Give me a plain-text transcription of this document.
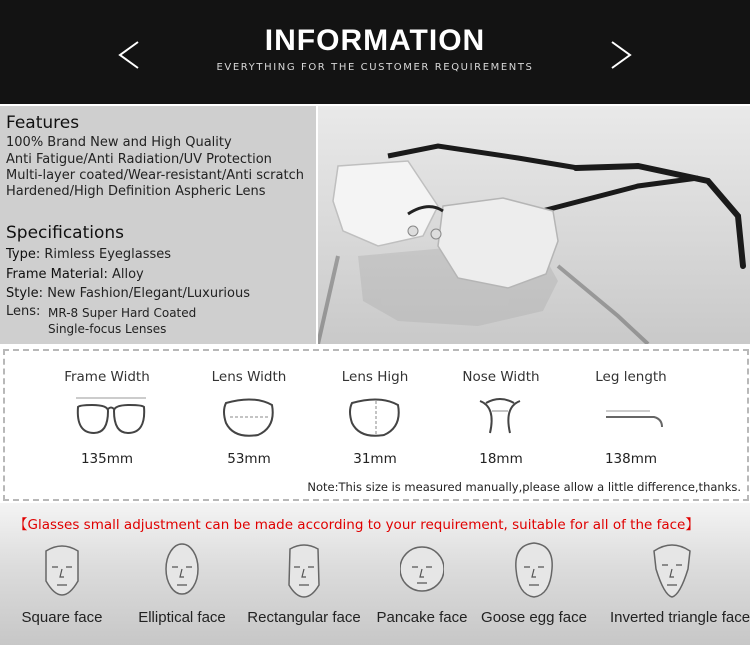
INFORMATION
EVERYTHING FOR THE CUSTOMER REQUIREMENTS
Features
100% Brand New and High Quality
Anti Fatigue/Anti Radiation/UV Protection
Multi-layer coated/Wear-resistant/Anti scratch
Hardened/High Definition Aspheric Lens
Specifications
Type: Rimless Eyeglasses
Frame Material: Alloy
Style: New Fashion/Elegant/Luxurious
Lens: MR-8 Super Hard Coated
Single-focus Lenses
Frame Width
135mm
Lens Width
53mm
Lens High
31mm
Nose Width
18mm
Leg length
138mm
Note:This size is measured manually,please allow a little difference,thanks.
【Glasses small adjustment can be made according to your requirement, suitable for all of the face】
Square face	Elliptical face	Rectangular face	Pancake face Goose egg face	Inverted triangle face
